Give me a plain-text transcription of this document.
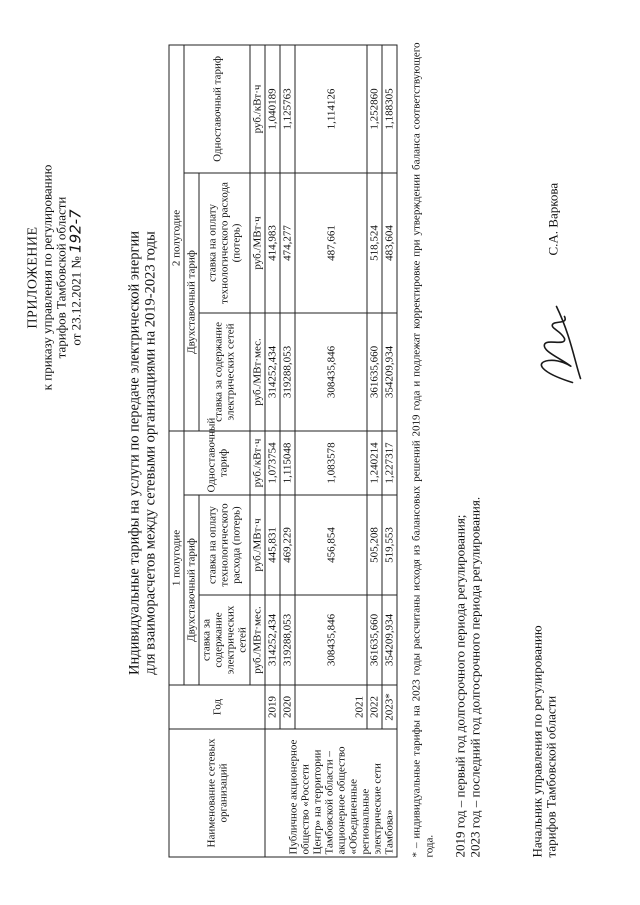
ПРИЛОЖЕНИЕ к приказу управления по регулированию тарифов Тамбовской области от 23.12.2021 № 192-7	Индивидуальные тарифы на услуги по передаче электрической энергии для взаиморасчетов между сетевыми организациями на 2019-2023 годы
Наименование сетевых организаций	Год	1 полугодие			2 полугодие		
		Двухставочный тариф		Одноставочный тариф	Двухставочный тариф		Одноставочный тариф
		ставка за содержание электрических сетей	ставка на оплату технологического расхода (потерь)		ставка за содержание электрических сетей	ставка на оплату технологического расхода (потерь)	
		руб./МВт·мес.	руб./МВт·ч	руб./кВт·ч	руб./МВт·мес.	руб./МВт·ч	руб./кВт·ч
Публичное акционерное общество «Россети Центр» на территории Тамбовской области – акционерное общество «Объединенные региональные электрические сети Тамбова»	2019	314252,434	445,831	1,073754	314252,434	414,983	1,040189
	2020	319288,053	469,229	1,115048	319288,053	474,277	1,125763
	2021	308435,846	456,854	1,083578	308435,846	487,661	1,114126
	2022	361635,660	505,208	1,240214	361635,660	518,524	1,252860
	2023*	354209,934	519,553	1,227317	354209,934	483,604	1,188305 * – индивидуальные тарифы на 2023 годы рассчитаны исходя из балансовых решений 2019 года и подлежат корректировке при утверждении баланса соответствующего года. 2019 год – первый год долгосрочного периода регулирования; 2023 год – последний год долгосрочного периода регулирования.	Начальник управления по регулированию тарифов Тамбовской области
С.А. Варкова
